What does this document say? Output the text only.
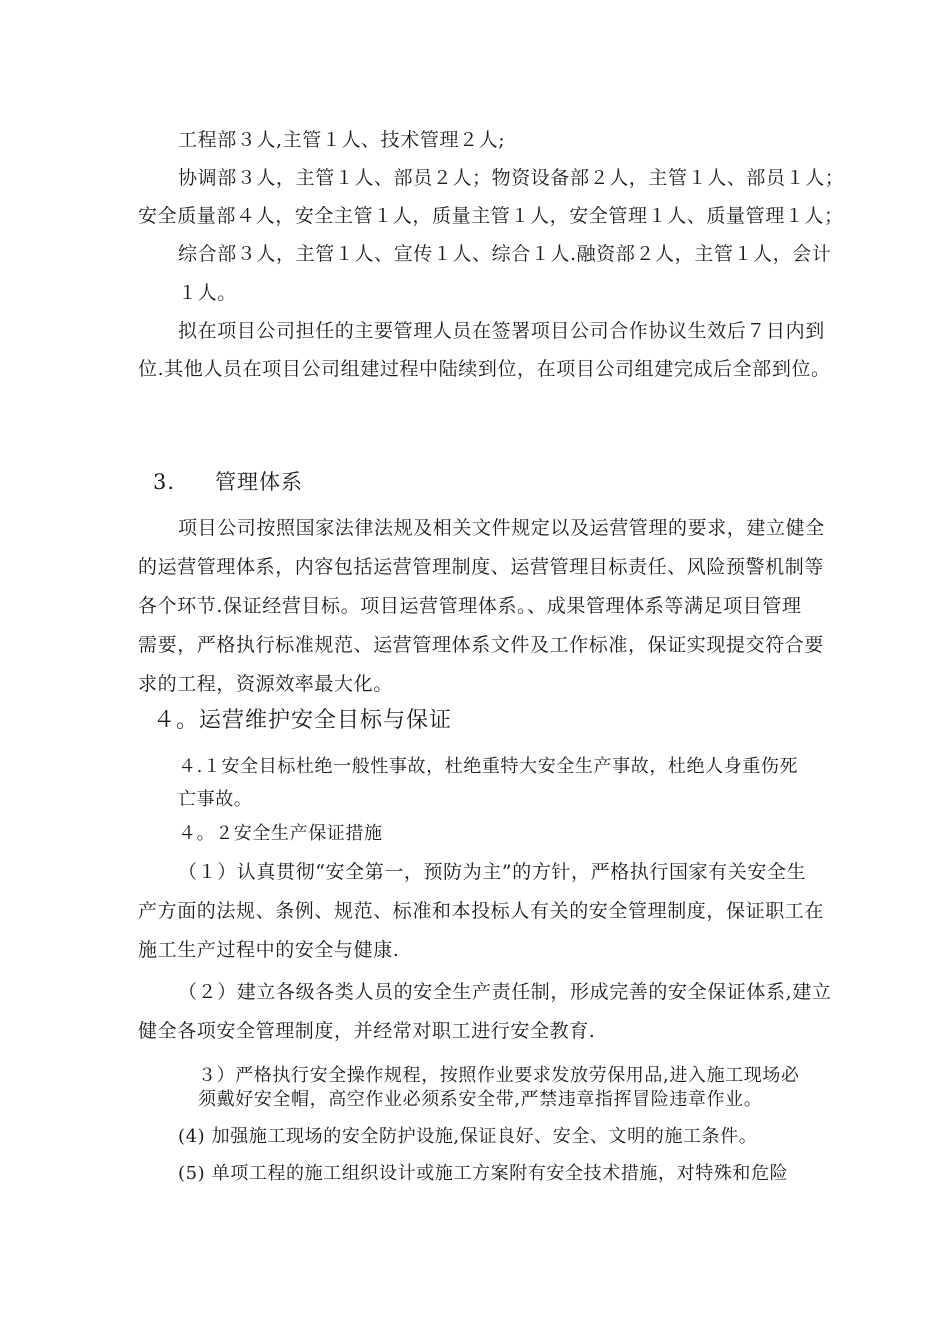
工程部３人,主管１人、技术管理２人;
协调部３人，主管１人、部员２人；物资设备部２人，主管１人、部员１人；
安全质量部４人，安全主管１人，质量主管１人，安全管理１人、质量管理１人；
综合部３人，主管１人、宣传１人、综合１人.融资部２人，主管１人，会计
１人。
拟在项目公司担任的主要管理人员在签署项目公司合作协议生效后７日内到
位.其他人员在项目公司组建过程中陆续到位，在项目公司组建完成后全部到位。
3. 管理体系
项目公司按照国家法律法规及相关文件规定以及运营管理的要求，建立健全
的运营管理体系，内容包括运营管理制度、运营管理目标责任、风险预警机制等
各个环节.保证经营目标。项目运营管理体系。、成果管理体系等满足项目管理
需要，严格执行标准规范、运营管理体系文件及工作标准，保证实现提交符合要
求的工程，资源效率最大化。
４。运营维护安全目标与保证
４.１安全目标杜绝一般性事故，杜绝重特大安全生产事故，杜绝人身重伤死
亡事故。
４。２安全生产保证措施
（１）认真贯彻“安全第一，预防为主”的方针，严格执行国家有关安全生
产方面的法规、条例、规范、标准和本投标人有关的安全管理制度，保证职工在
施工生产过程中的安全与健康.
（２）建立各级各类人员的安全生产责任制，形成完善的安全保证体系,建立
健全各项安全管理制度，并经常对职工进行安全教育.
３）严格执行安全操作规程，按照作业要求发放劳保用品,进入施工现场必
须戴好安全帽，高空作业必须系安全带,严禁违章指挥冒险违章作业。
(4) 加强施工现场的安全防护设施,保证良好、安全、文明的施工条件。
(5) 单项工程的施工组织设计或施工方案附有安全技术措施，对特殊和危险
